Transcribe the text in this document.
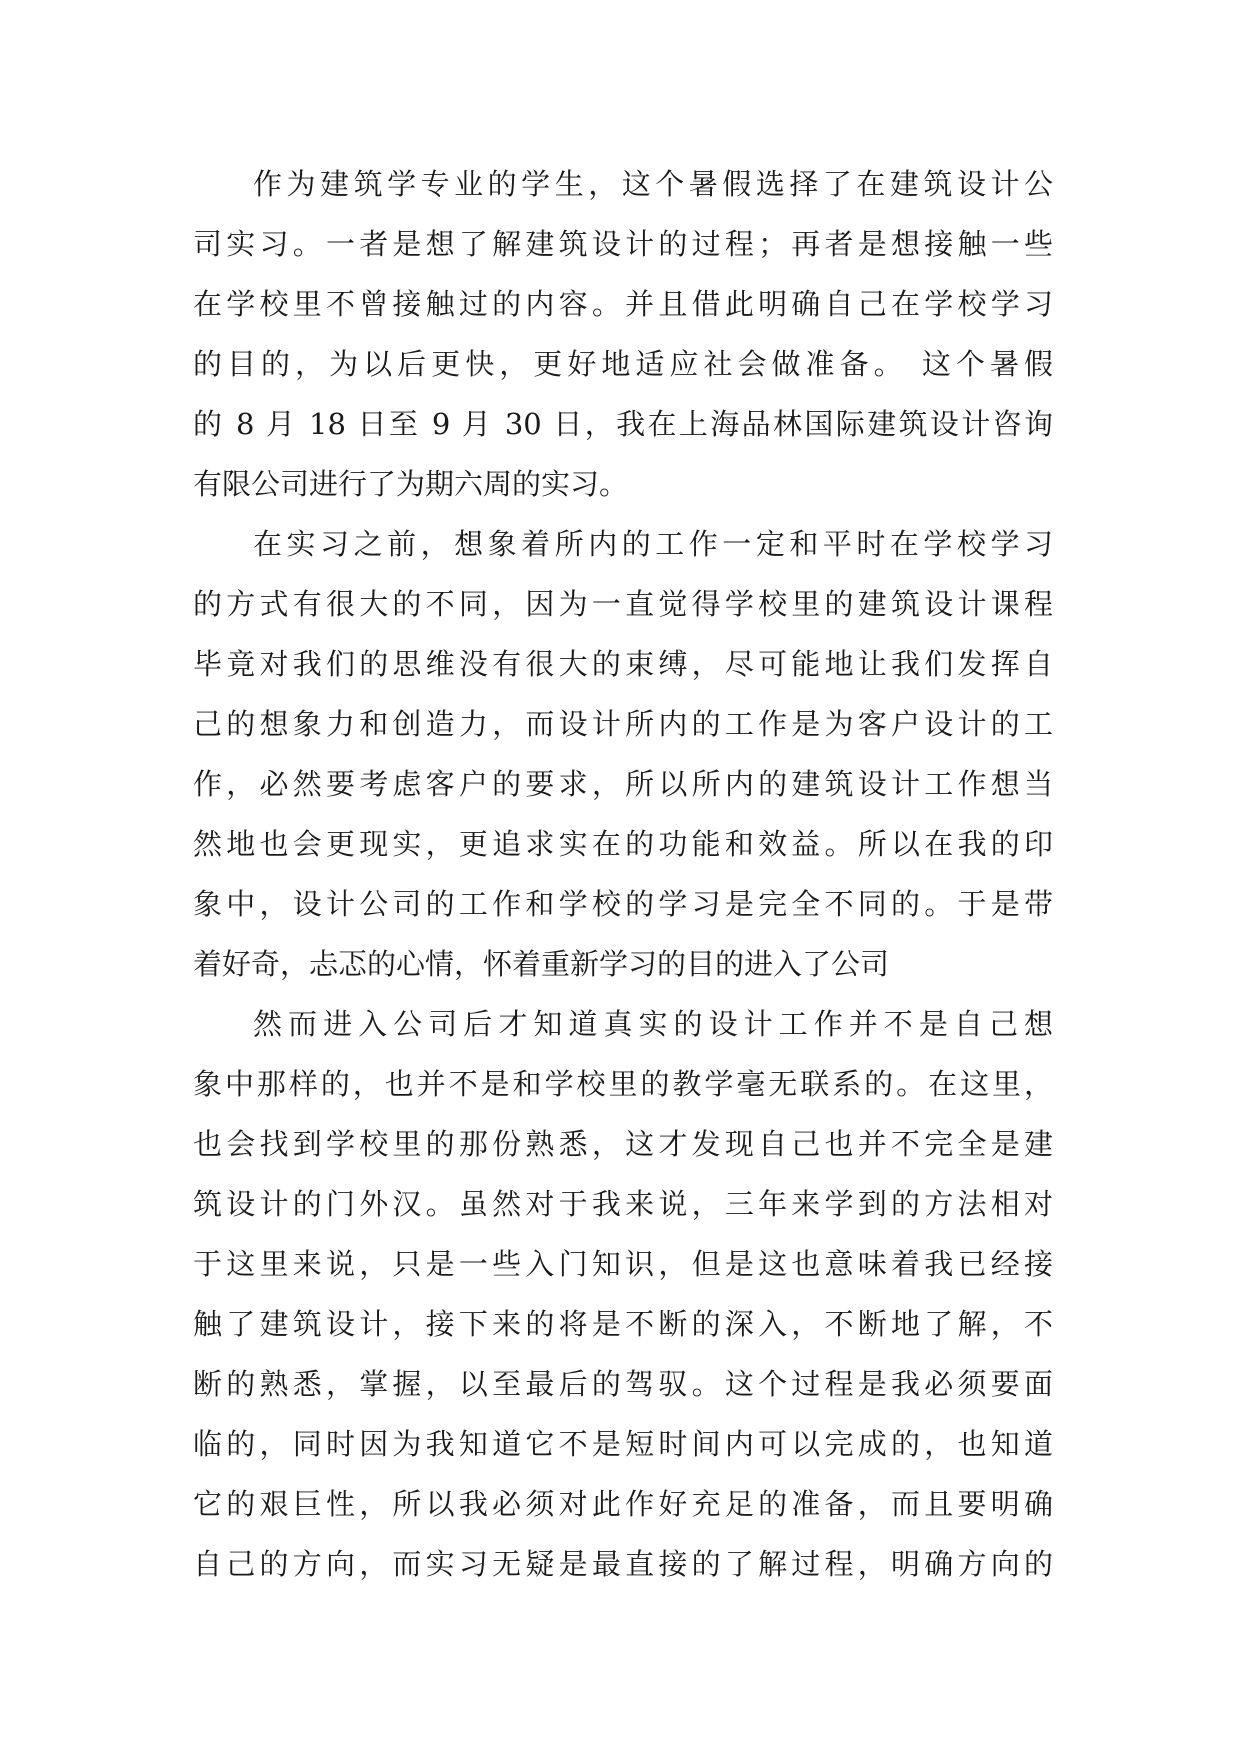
作为建筑学专业的学生，这个暑假选择了在建筑设计公
司实习。一者是想了解建筑设计的过程；再者是想接触一些
在学校里不曾接触过的内容。并且借此明确自己在学校学习
的目的，为以后更快，更好地适应社会做准备。 这个暑假
的 8 月 18 日至 9 月 30 日，我在上海品林国际建筑设计咨询
有限公司进行了为期六周的实习。
在实习之前，想象着所内的工作一定和平时在学校学习
的方式有很大的不同，因为一直觉得学校里的建筑设计课程
毕竟对我们的思维没有很大的束缚，尽可能地让我们发挥自
己的想象力和创造力，而设计所内的工作是为客户设计的工
作，必然要考虑客户的要求，所以所内的建筑设计工作想当
然地也会更现实，更追求实在的功能和效益。所以在我的印
象中，设计公司的工作和学校的学习是完全不同的。于是带
着好奇，忐忑的心情，怀着重新学习的目的进入了公司
然而进入公司后才知道真实的设计工作并不是自己想
象中那样的，也并不是和学校里的教学毫无联系的。在这里，
也会找到学校里的那份熟悉，这才发现自己也并不完全是建
筑设计的门外汉。虽然对于我来说，三年来学到的方法相对
于这里来说，只是一些入门知识，但是这也意味着我已经接
触了建筑设计，接下来的将是不断的深入，不断地了解，不
断的熟悉，掌握，以至最后的驾驭。这个过程是我必须要面
临的，同时因为我知道它不是短时间内可以完成的，也知道
它的艰巨性，所以我必须对此作好充足的准备，而且要明确
自己的方向，而实习无疑是最直接的了解过程，明确方向的
